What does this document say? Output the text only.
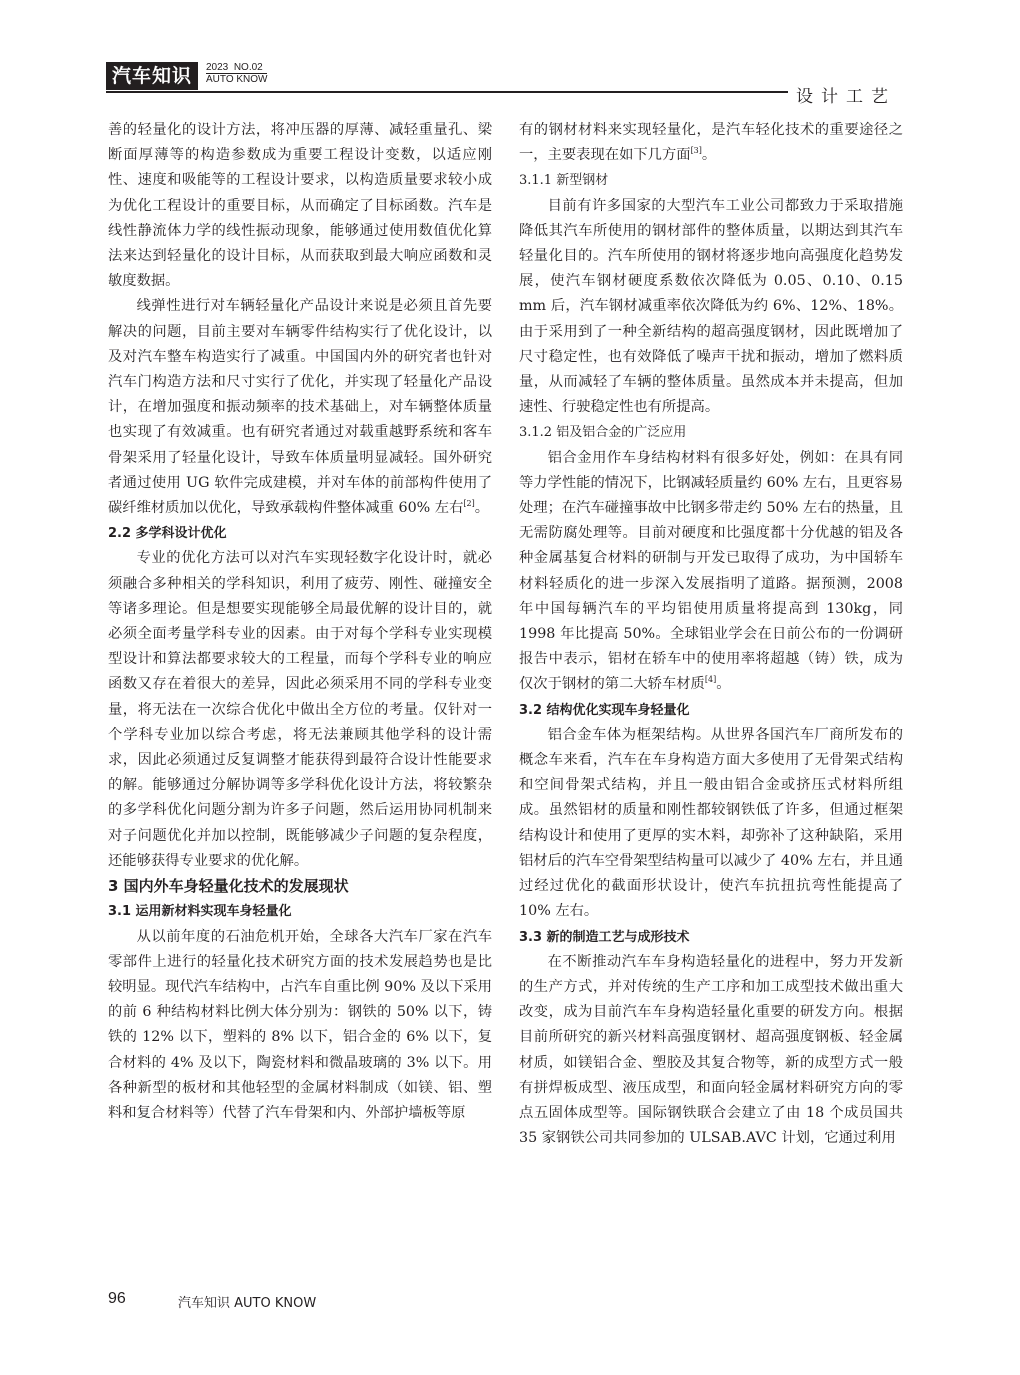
汽车知识	2023 NO.02
AUTO KNOW
设计工艺

善的轻量化的设计方法，将冲压器的厚薄、减轻重量孔、梁断面厚薄等的构造参数成为重要工程设计变数，以适应刚性、速度和吸能等的工程设计要求，以构造质量要求较小成为优化工程设计的重要目标，从而确定了目标函数。汽车是线性静流体力学的线性振动现象，能够通过使用数值优化算法来达到轻量化的设计目标，从而获取到最大响应函数和灵敏度数据。

线弹性进行对车辆轻量化产品设计来说是必须且首先要解决的问题，目前主要对车辆零件结构实行了优化设计，以及对汽车整车构造实行了减重。中国国内外的研究者也针对汽车门构造方法和尺寸实行了优化，并实现了轻量化产品设计，在增加强度和振动频率的技术基础上，对车辆整体质量也实现了有效减重。也有研究者通过对载重越野系统和客车骨架采用了轻量化设计，导致车体质量明显减轻。国外研究者通过使用 UG 软件完成建模，并对车体的前部构件使用了碳纤维材质加以优化，导致承载构件整体减重 60% 左右[2]。

2.2 多学科设计优化

专业的优化方法可以对汽车实现轻数字化设计时，就必须融合多种相关的学科知识，利用了疲劳、刚性、碰撞安全等诸多理论。但是想要实现能够全局最优解的设计目的，就必须全面考量学科专业的因素。由于对每个学科专业实现模型设计和算法都要求较大的工程量，而每个学科专业的响应函数又存在着很大的差异，因此必须采用不同的学科专业变量，将无法在一次综合优化中做出全方位的考量。仅针对一个学科专业加以综合考虑，将无法兼顾其他学科的设计需求，因此必须通过反复调整才能获得到最符合设计性能要求的解。能够通过分解协调等多学科优化设计方法，将较繁杂的多学科优化问题分割为许多子问题，然后运用协同机制来对子问题优化并加以控制，既能够减少子问题的复杂程度，还能够获得专业要求的优化解。

3 国内外车身轻量化技术的发展现状
3.1 运用新材料实现车身轻量化

从以前年度的石油危机开始，全球各大汽车厂家在汽车零部件上进行的轻量化技术研究方面的技术发展趋势也是比较明显。现代汽车结构中，占汽车自重比例 90% 及以下采用的前 6 种结构材料比例大体分别为：钢铁的 50% 以下，铸铁的 12% 以下，塑料的 8% 以下，铝合金的 6% 以下，复合材料的 4% 及以下，陶瓷材料和微晶玻璃的 3% 以下。用各种新型的板材和其他轻型的金属材料制成（如镁、铝、塑料和复合材料等）代替了汽车骨架和内、外部护墙板等原

有的钢材材料来实现轻量化，是汽车轻化技术的重要途径之一，主要表现在如下几方面[3]。

3.1.1 新型钢材

目前有许多国家的大型汽车工业公司都致力于采取措施降低其汽车所使用的钢材部件的整体质量，以期达到其汽车轻量化目的。汽车所使用的钢材将逐步地向高强度化趋势发展，使汽车钢材硬度系数依次降低为 0.05、0.10、0.15 mm 后，汽车钢材减重率依次降低为约 6%、12%、18%。由于采用到了一种全新结构的超高强度钢材，因此既增加了尺寸稳定性，也有效降低了噪声干扰和振动，增加了燃料质量，从而减轻了车辆的整体质量。虽然成本并未提高，但加速性、行驶稳定性也有所提高。

3.1.2 铝及铝合金的广泛应用

铝合金用作车身结构材料有很多好处，例如：在具有同等力学性能的情况下，比钢减轻质量约 60% 左右，且更容易处理；在汽车碰撞事故中比钢多带走约 50% 左右的热量，且无需防腐处理等。目前对硬度和比强度都十分优越的铝及各种金属基复合材料的研制与开发已取得了成功，为中国轿车材料轻质化的进一步深入发展指明了道路。据预测，2008 年中国每辆汽车的平均铝使用质量将提高到 130kg，同 1998 年比提高 50%。全球铝业学会在日前公布的一份调研报告中表示，铝材在轿车中的使用率将超越（铸）铁，成为仅次于钢材的第二大轿车材质[4]。

3.2 结构优化实现车身轻量化

铝合金车体为框架结构。从世界各国汽车厂商所发布的概念车来看，汽车在车身构造方面大多使用了无骨架式结构和空间骨架式结构，并且一般由铝合金或挤压式材料所组成。虽然铝材的质量和刚性都较钢铁低了许多，但通过框架结构设计和使用了更厚的实木料，却弥补了这种缺陷，采用铝材后的汽车空骨架型结构量可以减少了 40% 左右，并且通过经过优化的截面形状设计，使汽车抗扭抗弯性能提高了 10% 左右。

3.3 新的制造工艺与成形技术

在不断推动汽车车身构造轻量化的进程中，努力开发新的生产方式，并对传统的生产工序和加工成型技术做出重大改变，成为目前汽车车身构造轻量化重要的研发方向。根据目前所研究的新兴材料高强度钢材、超高强度钢板、轻金属材质，如镁铝合金、塑胶及其复合物等，新的成型方式一般有拼焊板成型、液压成型，和面向轻金属材料研究方向的零点五固体成型等。国际钢铁联合会建立了由 18 个成员国共 35 家钢铁公司共同参加的 ULSAB.AVC 计划，它通过利用

96	汽车知识 AUTO KNOW
